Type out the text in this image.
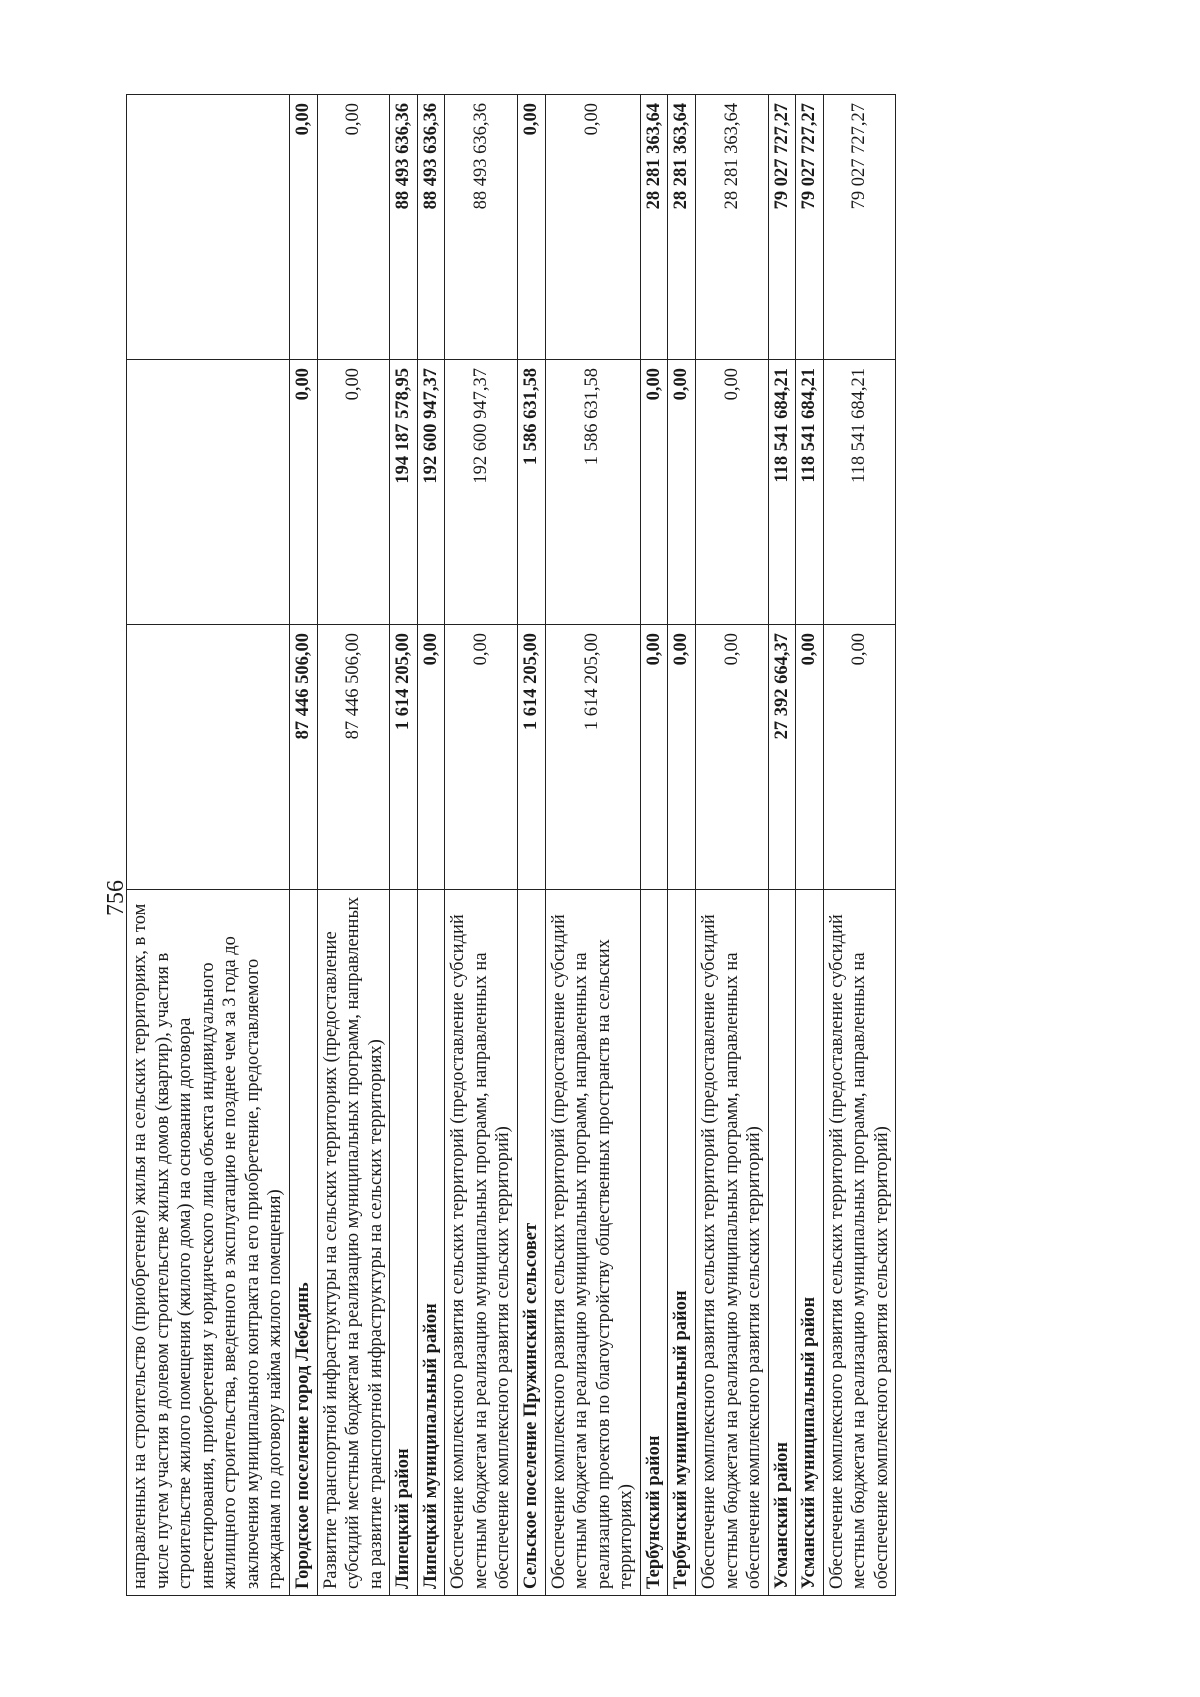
756
направленных на строительство (приобретение) жилья на сельских территориях, в том числе путем участия в долевом строительстве жилых домов (квартир), участия в строительстве жилого помещения (жилого дома) на основании договора инвестирования, приобретения у юридического лица объекта индивидуального жилищного строительства, введенного в эксплуатацию не позднее чем за 3 года до заключения муниципального контракта на его приобретение, предоставляемого гражданам по договору найма жилого помещения)			
Городское поселение город Лебедянь	87 446 506,00	0,00	0,00
Развитие транспортной инфраструктуры на сельских территориях (предоставление субсидий местным бюджетам на реализацию муниципальных программ, направленных на развитие транспортной инфраструктуры на сельских территориях)	87 446 506,00	0,00	0,00
Липецкий район	1 614 205,00	194 187 578,95	88 493 636,36
Липецкий муниципальный район	0,00	192 600 947,37	88 493 636,36
Обеспечение комплексного развития сельских территорий (предоставление субсидий местным бюджетам на реализацию муниципальных программ, направленных на обеспечение комплексного развития сельских территорий)	0,00	192 600 947,37	88 493 636,36
Сельское поселение Пружинский сельсовет	1 614 205,00	1 586 631,58	0,00
Обеспечение комплексного развития сельских территорий (предоставление субсидий местным бюджетам на реализацию муниципальных программ, направленных на реализацию проектов по благоустройству общественных пространств на сельских территориях)	1 614 205,00	1 586 631,58	0,00
Тербунский район	0,00	0,00	28 281 363,64
Тербунский муниципальный район	0,00	0,00	28 281 363,64
Обеспечение комплексного развития сельских территорий (предоставление субсидий местным бюджетам на реализацию муниципальных программ, направленных на обеспечение комплексного развития сельских территорий)	0,00	0,00	28 281 363,64
Усманский район	27 392 664,37	118 541 684,21	79 027 727,27
Усманский муниципальный район	0,00	118 541 684,21	79 027 727,27
Обеспечение комплексного развития сельских территорий (предоставление субсидий местным бюджетам на реализацию муниципальных программ, направленных на обеспечение комплексного развития сельских территорий)	0,00	118 541 684,21	79 027 727,27
